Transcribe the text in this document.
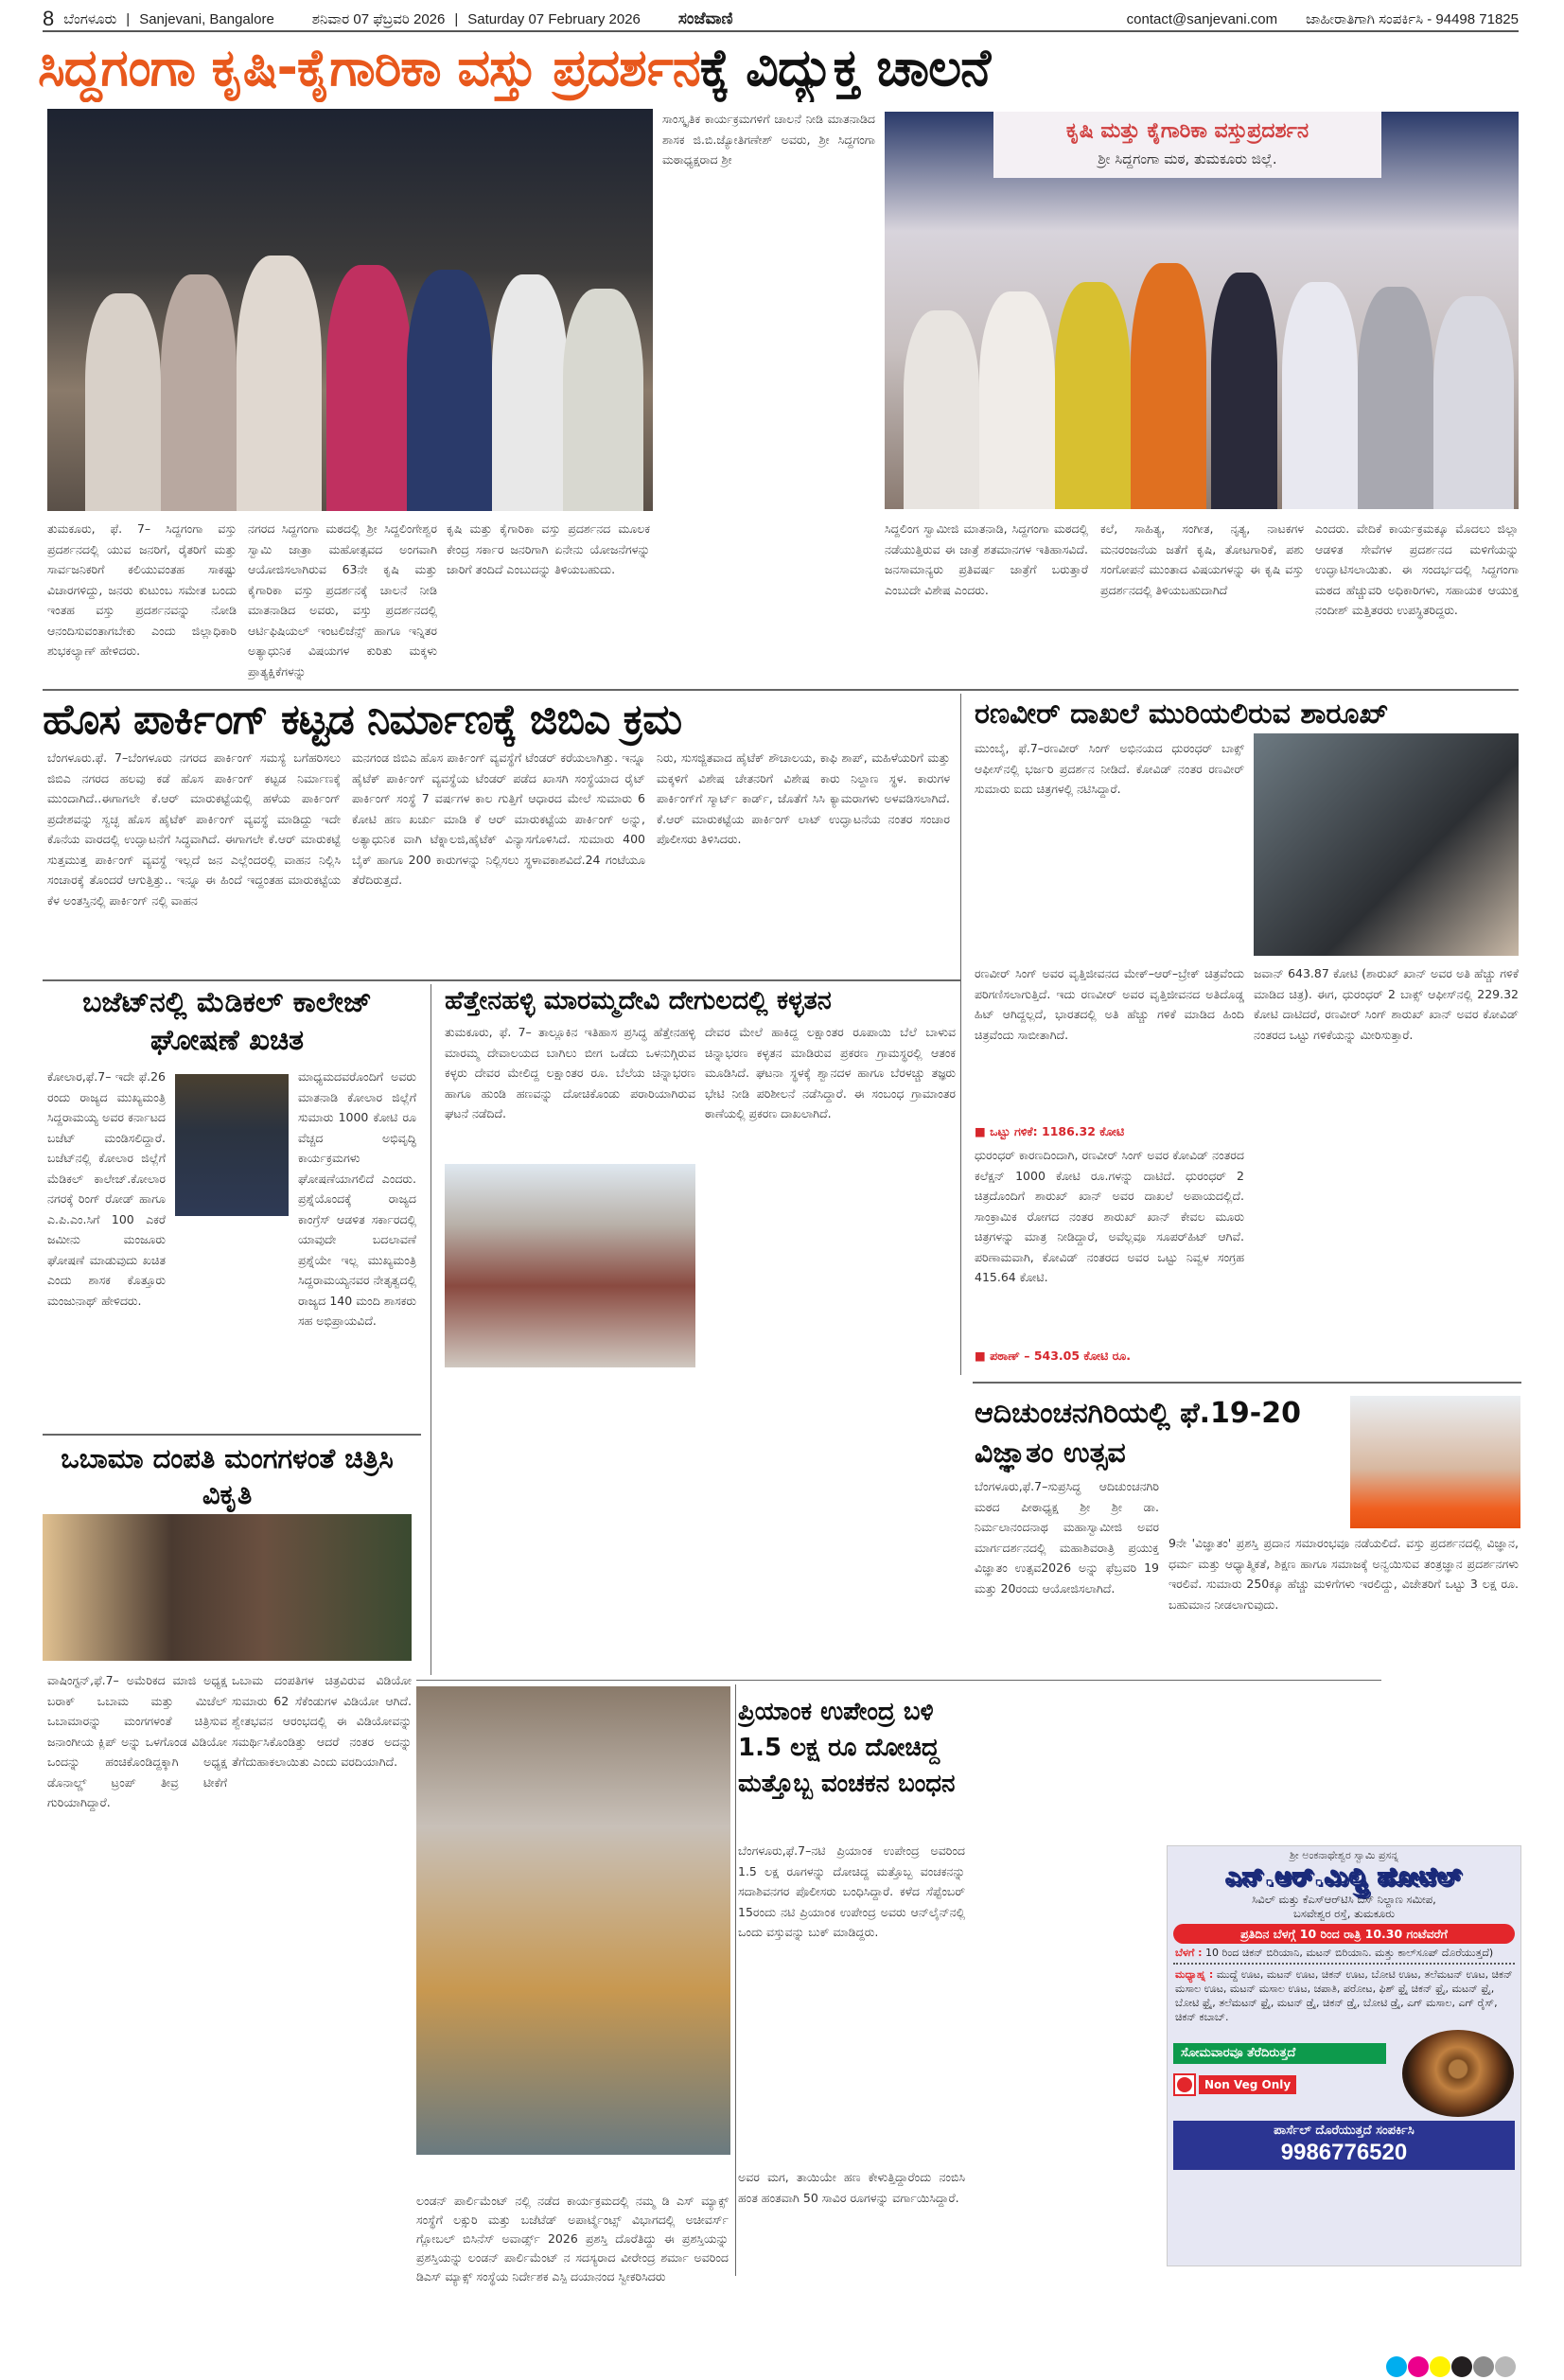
8 ಬೆಂಗಳೂರು | Sanjevani, Bangalore	ಶನಿವಾರ 07 ಫೆಬ್ರವರಿ 2026 | Saturday 07 February 2026 ಸಂಜೆವಾಣಿ	contact@sanjevani.com ಜಾಹೀರಾತಿಗಾಗಿ ಸಂಪರ್ಕಿಸಿ - 94498 71825
ಸಿದ್ದಗಂಗಾ ಕೃಷಿ-ಕೈಗಾರಿಕಾ ವಸ್ತು ಪ್ರದರ್ಶನಕ್ಕೆ ವಿದ್ಯುಕ್ತ ಚಾಲನೆ
ಕೃಷಿ ಮತ್ತು ಕೈಗಾರಿಕಾ ವಸ್ತುಪ್ರದರ್ಶನ
ಶ್ರೀ ಸಿದ್ದಗಂಗಾ ಮಠ, ತುಮಕೂರು ಜಿಲ್ಲೆ.
ತುಮಕೂರು, ಫೆ. 7– ಸಿದ್ದಗಂಗಾ ವಸ್ತು ಪ್ರದರ್ಶನದಲ್ಲಿ ಯುವ ಜನರಿಗೆ, ರೈತರಿಗೆ ಮತ್ತು ಸಾರ್ವಜನಿಕರಿಗೆ ಕಲಿಯುವಂತಹ ಸಾಕಷ್ಟು ವಿಚಾರಗಳಿದ್ದು, ಜನರು ಕುಟುಂಬ ಸಮೇತ ಬಂದು ಇಂತಹ ವಸ್ತು ಪ್ರದರ್ಶನವನ್ನು ನೋಡಿ ಆನಂದಿಸುವಂತಾಗಬೇಕು ಎಂದು ಜಿಲ್ಲಾಧಿಕಾರಿ ಶುಭಕಲ್ಯಾಣ್ ಹೇಳಿದರು.
ನಗರದ ಸಿದ್ದಗಂಗಾ ಮಠದಲ್ಲಿ ಶ್ರೀ ಸಿದ್ದಲಿಂಗೇಶ್ವರ ಸ್ವಾಮಿ ಜಾತ್ರಾ ಮಹೋತ್ಸವದ ಅಂಗವಾಗಿ ಆಯೋಜಿಸಲಾಗಿರುವ 63ನೇ ಕೃಷಿ ಮತ್ತು ಕೈಗಾರಿಕಾ ವಸ್ತು ಪ್ರದರ್ಶನಕ್ಕೆ ಚಾಲನೆ ನೀಡಿ ಮಾತನಾಡಿದ ಅವರು, ವಸ್ತು ಪ್ರದರ್ಶನದಲ್ಲಿ ಆರ್ಟಿಫಿಷಿಯಲ್ ಇಂಟಲಿಜೆನ್ಸ್ ಹಾಗೂ ಇನ್ನಿತರ ಅತ್ಯಾಧುನಿಕ ವಿಷಯಗಳ ಕುರಿತು ಮಕ್ಕಳು ಪ್ರಾತ್ಯಕ್ಷಿಕೆಗಳನ್ನು
ಕೃಷಿ ಮತ್ತು ಕೈಗಾರಿಕಾ ವಸ್ತು ಪ್ರದರ್ಶನದ ಮೂಲಕ ಕೇಂದ್ರ ಸರ್ಕಾರ ಜನರಿಗಾಗಿ ಏನೇನು ಯೋಜನೆಗಳನ್ನು ಜಾರಿಗೆ ತಂದಿದೆ ಎಂಬುದನ್ನು ತಿಳಿಯಬಹುದು.
ಸಾಂಸ್ಕೃತಿಕ ಕಾರ್ಯಕ್ರಮಗಳಿಗೆ ಚಾಲನೆ ನೀಡಿ ಮಾತನಾಡಿದ ಶಾಸಕ ಜಿ.ಬಿ.ಜ್ಯೋತಿಗಣೇಶ್ ಅವರು, ಶ್ರೀ ಸಿದ್ದಗಂಗಾ ಮಠಾಧ್ಯಕ್ಷರಾದ ಶ್ರೀ
ಸಿದ್ದಲಿಂಗ ಸ್ವಾಮೀಜಿ ಮಾತನಾಡಿ, ಸಿದ್ದಗಂಗಾ ಮಠದಲ್ಲಿ ನಡೆಯುತ್ತಿರುವ ಈ ಜಾತ್ರೆ ಶತಮಾನಗಳ ಇತಿಹಾಸವಿದೆ. ಜನಸಾಮಾನ್ಯರು ಪ್ರತಿವರ್ಷ ಜಾತ್ರೆಗೆ ಬರುತ್ತಾರೆ ಎಂಬುದೇ ವಿಶೇಷ ಎಂದರು.
ಕಲೆ, ಸಾಹಿತ್ಯ, ಸಂಗೀತ, ನೃತ್ಯ, ನಾಟಕಗಳ ಮನರಂಜನೆಯ ಜತೆಗೆ ಕೃಷಿ, ತೋಟಗಾರಿಕೆ, ಪಶು ಸಂಗೋಪನೆ ಮುಂತಾದ ವಿಷಯಗಳನ್ನು ಈ ಕೃಷಿ ವಸ್ತು ಪ್ರದರ್ಶನದಲ್ಲಿ ತಿಳಿಯಬಹುದಾಗಿದೆ
ಎಂದರು. ವೇದಿಕೆ ಕಾರ್ಯಕ್ರಮಕ್ಕೂ ಮೊದಲು ಜಿಲ್ಲಾ ಆಡಳಿತ ಸೇವೆಗಳ ಪ್ರದರ್ಶನದ ಮಳಿಗೆಯನ್ನು ಉದ್ಘಾಟಿಸಲಾಯಿತು. ಈ ಸಂದರ್ಭದಲ್ಲಿ ಸಿದ್ದಗಂಗಾ ಮಠದ ಹೆಚ್ಚುವರಿ ಅಧಿಕಾರಿಗಳು, ಸಹಾಯಕ ಆಯುಕ್ತ ನಂದೀಶ್ ಮತ್ತಿತರರು ಉಪಸ್ಥಿತರಿದ್ದರು.
ಹೊಸ ಪಾರ್ಕಿಂಗ್ ಕಟ್ಟಡ ನಿರ್ಮಾಣಕ್ಕೆ ಜಿಬಿಎ ಕ್ರಮ
ಬೆಂಗಳೂರು.ಫೆ. 7–ಬೆಂಗಳೂರು ನಗರದ ಪಾರ್ಕಿಂಗ್ ಸಮಸ್ಯೆ ಬಗೆಹರಿಸಲು ಜಿಬಿಎ ನಗರದ ಹಲವು ಕಡೆ ಹೊಸ ಪಾರ್ಕಿಂಗ್ ಕಟ್ಟಡ ನಿರ್ಮಾಣಕ್ಕೆ ಮುಂದಾಗಿದೆ..ಈಗಾಗಲೇ ಕೆ.ಆರ್ ಮಾರುಕಟ್ಟೆಯಲ್ಲಿ ಹಳೆಯ ಪಾರ್ಕಿಂಗ್ ಪ್ರದೇಶವನ್ನು ಸ್ವಚ್ಛ ಹೊಸ ಹೈಟೆಕ್ ಪಾರ್ಕಿಂಗ್ ವ್ಯವಸ್ಥೆ ಮಾಡಿದ್ದು ಇದೇ ಕೊನೆಯ ವಾರದಲ್ಲಿ ಉದ್ಘಾಟನೆಗೆ ಸಿದ್ಧವಾಗಿದೆ. ಈಗಾಗಲೇ ಕೆ.ಆರ್ ಮಾರುಕಟ್ಟೆ ಸುತ್ತಮುತ್ತ ಪಾರ್ಕಿಂಗ್ ವ್ಯವಸ್ಥೆ ಇಲ್ಲದೆ ಜನ ಎಲ್ಲೆಂದರಲ್ಲಿ ವಾಹನ ನಿಲ್ಲಿಸಿ ಸಂಚಾರಕ್ಕೆ ತೊಂದರೆ ಆಗುತ್ತಿತ್ತು.. ಇನ್ನೂ ಈ ಹಿಂದೆ ಇದ್ದಂತಹ ಮಾರುಕಟ್ಟೆಯ ಕೆಳ ಅಂತಸ್ತಿನಲ್ಲಿ ಪಾರ್ಕಿಂಗ್ ನಲ್ಲಿ ವಾಹನ
ಮನಗಂಡ ಜಿಬಿಎ ಹೊಸ ಪಾರ್ಕಿಂಗ್ ವ್ಯವಸ್ಥೆಗೆ ಟೆಂಡರ್ ಕರೆಯಲಾಗಿತ್ತು. ಇನ್ನೂ ಹೈಟೆಕ್ ಪಾರ್ಕಿಂಗ್ ವ್ಯವಸ್ಥೆಯ ಟೆಂಡರ್ ಪಡೆದ ಖಾಸಗಿ ಸಂಸ್ಥೆಯಾದ ರೈಟ್ ಪಾರ್ಕಿಂಗ್ ಸಂಸ್ಥೆ 7 ವರ್ಷಗಳ ಕಾಲ ಗುತ್ತಿಗೆ ಆಧಾರದ ಮೇಲೆ ಸುಮಾರು 6 ಕೋಟಿ ಹಣ ಖರ್ಚು ಮಾಡಿ ಕೆ ಆರ್ ಮಾರುಕಟ್ಟೆಯ ಪಾರ್ಕಿಂಗ್ ಅನ್ನು, ಅತ್ಯಾಧುನಿಕ ವಾಗಿ ಟೆಕ್ನಾಲಜಿ,ಹೈಟೆಕ್ ವಿನ್ಯಾಸಗೊಳಿಸಿದೆ. ಸುಮಾರು 400 ಬೈಕ್ ಹಾಗೂ 200 ಕಾರುಗಳನ್ನು ನಿಲ್ಲಿಸಲು ಸ್ಥಳಾವಕಾಶವಿದೆ.24 ಗಂಟೆಯೂ ತೆರೆದಿರುತ್ತದೆ.
ನಿರು, ಸುಸಜ್ಜಿತವಾದ ಹೈಟೆಕ್ ಶೌಚಾಲಯ, ಕಾಫಿ ಶಾಪ್, ಮಹಿಳೆಯರಿಗೆ ಮತ್ತು ಮಕ್ಕಳಿಗೆ ವಿಶೇಷ ಚೇತನರಿಗೆ ವಿಶೇಷ ಕಾರು ನಿಲ್ದಾಣ ಸ್ಥಳ. ಕಾರುಗಳ ಪಾರ್ಕಿಂಗ್‌ಗೆ ಸ್ಮಾರ್ಟ್ ಕಾರ್ಡ್, ಜೊತೆಗೆ ಸಿಸಿ ಕ್ಯಾಮರಾಗಳು ಅಳವಡಿಸಲಾಗಿದೆ. ಕೆ.ಆರ್ ಮಾರುಕಟ್ಟೆಯ ಪಾರ್ಕಿಂಗ್ ಲಾಟ್ ಉದ್ಘಾಟನೆಯ ನಂತರ ಸಂಚಾರ ಪೊಲೀಸರು ತಿಳಿಸಿದರು.
ರಣವೀರ್ ದಾಖಲೆ ಮುರಿಯಲಿರುವ ಶಾರೂಖ್
ಮುಂಬೈ, ಫೆ.7–ರಣವೀರ್ ಸಿಂಗ್ ಅಭಿನಯದ ಧುರಂಧರ್ ಬಾಕ್ಸ್ ಆಫೀಸ್‌ನಲ್ಲಿ ಭರ್ಜರಿ ಪ್ರದರ್ಶನ ನೀಡಿದೆ. ಕೋವಿಡ್ ನಂತರ ರಣವೀರ್ ಸುಮಾರು ಐದು ಚಿತ್ರಗಳಲ್ಲಿ ನಟಿಸಿದ್ದಾರೆ.
ರಣವೀರ್ ಸಿಂಗ್ ಅವರ ವೃತ್ತಿಜೀವನದ ಮೇಕ್–ಆರ್–ಬ್ರೇಕ್ ಚಿತ್ರವೆಂದು ಪರಿಗಣಿಸಲಾಗುತ್ತಿದೆ. ಇದು ರಣವೀರ್ ಅವರ ವೃತ್ತಿಜೀವನದ ಅತಿದೊಡ್ಡ ಹಿಟ್ ಆಗಿದ್ದಲ್ಲದೆ, ಭಾರತದಲ್ಲಿ ಅತಿ ಹೆಚ್ಚು ಗಳಿಕೆ ಮಾಡಿದ ಹಿಂದಿ ಚಿತ್ರವೆಂದು ಸಾಬೀತಾಗಿದೆ.
■ ಒಟ್ಟು ಗಳಿಕೆ: 1186.32 ಕೋಟಿ
ಧುರಂಧರ್ ಕಾರಣದಿಂದಾಗಿ, ರಣವೀರ್ ಸಿಂಗ್ ಅವರ ಕೋವಿಡ್ ನಂತರದ ಕಲೆಕ್ಷನ್ 1000 ಕೋಟಿ ರೂ.ಗಳನ್ನು ದಾಟಿದೆ. ಧುರಂಧರ್ 2 ಚಿತ್ರದೊಂದಿಗೆ ಶಾರುಖ್ ಖಾನ್ ಅವರ ದಾಖಲೆ ಅಪಾಯದಲ್ಲಿದೆ. ಸಾಂಕ್ರಾಮಿಕ ರೋಗದ ನಂತರ ಶಾರುಖ್ ಖಾನ್ ಕೇವಲ ಮೂರು ಚಿತ್ರಗಳನ್ನು ಮಾತ್ರ ನೀಡಿದ್ದಾರೆ, ಅವೆಲ್ಲವೂ ಸೂಪರ್‌ಹಿಟ್ ಆಗಿವೆ. ಪರಿಣಾಮವಾಗಿ, ಕೋವಿಡ್ ನಂತರದ ಅವರ ಒಟ್ಟು ನಿವ್ವಳ ಸಂಗ್ರಹ 415.64 ಕೋಟಿ.
■ ಪಠಾಣ್ – 543.05 ಕೋಟಿ ರೂ.
ಜವಾನ್ 643.87 ಕೋಟಿ (ಶಾರುಖ್ ಖಾನ್ ಅವರ ಅತಿ ಹೆಚ್ಚು ಗಳಿಕೆ ಮಾಡಿದ ಚಿತ್ರ). ಈಗ, ಧುರಂಧರ್ 2 ಬಾಕ್ಸ್ ಆಫೀಸ್‌ನಲ್ಲಿ 229.32 ಕೋಟಿ ದಾಟಿದರೆ, ರಣವೀರ್ ಸಿಂಗ್ ಶಾರುಖ್ ಖಾನ್ ಅವರ ಕೋವಿಡ್ ನಂತರದ ಒಟ್ಟು ಗಳಿಕೆಯನ್ನು ಮೀರಿಸುತ್ತಾರೆ.
ಬಜೆಟ್‌ನಲ್ಲಿ ಮೆಡಿಕಲ್ ಕಾಲೇಜ್ ಘೋಷಣೆ ಖಚಿತ
ಕೋಲಾರ,ಫೆ.7– ಇದೇ ಫೆ.26 ರಂದು ರಾಜ್ಯದ ಮುಖ್ಯಮಂತ್ರಿ ಸಿದ್ದರಾಮಯ್ಯ ಅವರ ಕರ್ನಾಟದ ಬಜೆಟ್ ಮಂಡಿಸಲಿದ್ದಾರೆ. ಬಜೆಟ್‌ನಲ್ಲಿ ಕೋಲಾರ ಜಿಲ್ಲೆಗೆ ಮೆಡಿಕಲ್ ಕಾಲೇಜ್.ಕೋಲಾರ ನಗರಕ್ಕೆ ರಿಂಗ್ ರೋಡ್ ಹಾಗೂ ಎ.ಪಿ.ಎಂ.ಸಿಗೆ 100 ಎಕರೆ ಜಮೀನು ಮಂಜೂರು ಘೋಷಣೆ ಮಾಡುವುದು ಖಚಿತ ಎಂದು ಶಾಸಕ ಕೊತ್ತೂರು ಮಂಜುನಾಥ್ ಹೇಳಿದರು.
ಮಾಧ್ಯಮದವರೊಂದಿಗೆ ಅವರು ಮಾತನಾಡಿ ಕೋಲಾರ ಜಿಲ್ಲೆಗೆ ಸುಮಾರು 1000 ಕೋಟಿ ರೂ ವೆಚ್ಚದ ಅಭಿವೃದ್ಧಿ ಕಾರ್ಯಕ್ರಮಗಳು ಘೋಷಣೆಯಾಗಲಿದೆ ಎಂದರು. ಪ್ರಶ್ನೆಯೊಂದಕ್ಕೆ ರಾಜ್ಯದ ಕಾಂಗ್ರೆಸ್ ಆಡಳಿತ ಸರ್ಕಾರದಲ್ಲಿ ಯಾವುದೇ ಬದಲಾವಣೆ ಪ್ರಶ್ನೆಯೇ ಇಲ್ಲ ಮುಖ್ಯಮಂತ್ರಿ ಸಿದ್ದರಾಮಯ್ಯನವರ ನೇತೃತ್ವದಲ್ಲಿ ರಾಜ್ಯದ 140 ಮಂದಿ ಶಾಸಕರು ಸಹ ಅಭಿಪ್ರಾಯವಿದೆ.
ಹೆತ್ತೇನಹಳ್ಳಿ ಮಾರಮ್ಮದೇವಿ ದೇಗುಲದಲ್ಲಿ ಕಳ್ಳತನ
ತುಮಕೂರು, ಫೆ. 7– ತಾಲ್ಲೂಕಿನ ಇತಿಹಾಸ ಪ್ರಸಿದ್ಧ ಹೆತ್ತೇನಹಳ್ಳಿ ಮಾರಮ್ಮ ದೇವಾಲಯದ ಬಾಗಿಲು ಬೀಗ ಒಡೆದು ಒಳನುಗ್ಗಿರುವ ಕಳ್ಳರು ದೇವರ ಮೇಲಿದ್ದ ಲಕ್ಷಾಂತರ ರೂ. ಬೆಲೆಯ ಚಿನ್ನಾಭರಣ ಹಾಗೂ ಹುಂಡಿ ಹಣವನ್ನು ದೋಚಿಕೊಂಡು ಪರಾರಿಯಾಗಿರುವ ಘಟನೆ ನಡೆದಿದೆ.
ದೇವರ ಮೇಲೆ ಹಾಕಿದ್ದ ಲಕ್ಷಾಂತರ ರೂಪಾಯಿ ಬೆಲೆ ಬಾಳುವ ಚಿನ್ನಾಭರಣ ಕಳ್ಳತನ ಮಾಡಿರುವ ಪ್ರಕರಣ ಗ್ರಾಮಸ್ಥರಲ್ಲಿ ಆತಂಕ ಮೂಡಿಸಿದೆ. ಘಟನಾ ಸ್ಥಳಕ್ಕೆ ಶ್ವಾನದಳ ಹಾಗೂ ಬೆರಳಚ್ಚು ತಜ್ಞರು ಭೇಟಿ ನೀಡಿ ಪರಿಶೀಲನೆ ನಡೆಸಿದ್ದಾರೆ. ಈ ಸಂಬಂಧ ಗ್ರಾಮಾಂತರ ಠಾಣೆಯಲ್ಲಿ ಪ್ರಕರಣ ದಾಖಲಾಗಿದೆ.
ಒಬಾಮಾ ದಂಪತಿ ಮಂಗಗಳಂತೆ ಚಿತ್ರಿಸಿ ವಿಕೃತಿ
ವಾಷಿಂಗ್ಟನ್,ಫೆ.7– ಅಮೆರಿಕದ ಮಾಜಿ ಅಧ್ಯಕ್ಷ ಬರಾಕ್ ಒಬಾಮ ಮತ್ತು ಮಿಚೆಲ್ ಒಬಾಮಾರನ್ನು ಮಂಗಗಳಂತೆ ಚಿತ್ರಿಸುವ ಜನಾಂಗೀಯ ಕ್ಲಿಪ್ ಅನ್ನು ಒಳಗೊಂಡ ವಿಡಿಯೋ ಒಂದನ್ನು ಹಂಚಿಕೊಂಡಿದ್ದಕ್ಕಾಗಿ ಅಧ್ಯಕ್ಷ ಡೊನಾಲ್ಡ್ ಟ್ರಂಪ್ ತೀವ್ರ ಟೀಕೆಗೆ ಗುರಿಯಾಗಿದ್ದಾರೆ.
ಒಬಾಮ ದಂಪತಿಗಳ ಚಿತ್ರವಿರುವ ವಿಡಿಯೋ ಸುಮಾರು 62 ಸೆಕೆಂಡುಗಳ ವಿಡಿಯೋ ಆಗಿದೆ. ಶ್ವೇತಭವನ ಆರಂಭದಲ್ಲಿ ಈ ವಿಡಿಯೋವನ್ನು ಸಮರ್ಥಿಸಿಕೊಂಡಿತ್ತು ಆದರೆ ನಂತರ ಅದನ್ನು ತೆಗೆದುಹಾಕಲಾಯಿತು ಎಂದು ವರದಿಯಾಗಿದೆ.
ಲಂಡನ್ ಪಾರ್ಲಿಮೆಂಟ್ ನಲ್ಲಿ ನಡೆದ ಕಾರ್ಯಕ್ರಮದಲ್ಲಿ ನಮ್ಮ ಡಿ ಎಸ್ ಮ್ಯಾಕ್ಸ್ ಸಂಸ್ಥೆಗೆ ಲಕ್ಸುರಿ ಮತ್ತು ಬಜೆಟೆಡ್ ಅಪಾರ್ಟ್ಮೆಂಟ್ಸ್ ವಿಭಾಗದಲ್ಲಿ ಅಚೀವರ್ಸ್ ಗ್ಲೋಬಲ್ ಬಿಸಿನೆಸ್ ಅವಾರ್ಡ್ಸ್ 2026 ಪ್ರಶಸ್ತಿ ದೊರೆತಿದ್ದು ಈ ಪ್ರಶಸ್ತಿಯನ್ನು ಪ್ರಶಸ್ತಿಯನ್ನು ಲಂಡನ್ ಪಾರ್ಲಿಮೆಂಟ್ ನ ಸದಸ್ಯರಾದ ವೀರೇಂದ್ರ ಶರ್ಮಾ ಅವರಿಂದ ಡಿಎಸ್ ಮ್ಯಾಕ್ಸ್ ಸಂಸ್ಥೆಯ ನಿರ್ದೇಶಕ ಎಸ್ಪಿ ದಯಾನಂದ ಸ್ವೀಕರಿಸಿದರು
ಪ್ರಿಯಾಂಕ ಉಪೇಂದ್ರ ಬಳಿ 1.5 ಲಕ್ಷ ರೂ ದೋಚಿದ್ದ ಮತ್ತೊಬ್ಬ ವಂಚಕನ ಬಂಧನ
ಬೆಂಗಳೂರು,ಫೆ.7–ನಟಿ ಪ್ರಿಯಾಂಕ ಉಪೇಂದ್ರ ಅವರಿಂದ 1.5 ಲಕ್ಷ ರೂಗಳನ್ನು ದೋಚಿದ್ದ ಮತ್ತೊಬ್ಬ ವಂಚಕನನ್ನು ಸದಾಶಿವನಗರ ಪೊಲೀಸರು ಬಂಧಿಸಿದ್ದಾರೆ. ಕಳೆದ ಸೆಪ್ಟೆಂಬರ್ 15ರಂದು ನಟಿ ಪ್ರಿಯಾಂಕ ಉಪೇಂದ್ರ ಅವರು ಆನ್‌ಲೈನ್‌ನಲ್ಲಿ ಒಂದು ವಸ್ತುವನ್ನು ಬುಕ್ ಮಾಡಿದ್ದರು.
ಅವರ ಮಗ, ತಾಯಿಯೇ ಹಣ ಕೇಳುತ್ತಿದ್ದಾರೆಂದು ನಂಬಿಸಿ ಹಂತ ಹಂತವಾಗಿ 50 ಸಾವಿರ ರೂಗಳನ್ನು ವರ್ಗಾಯಿಸಿದ್ದಾರೆ.
ಆದಿಚುಂಚನಗಿರಿಯಲ್ಲಿ ಫೆ.19-20 ವಿಜ್ಞಾತಂ ಉತ್ಸವ
ಬೆಂಗಳೂರು,ಫೆ.7–ಸುಪ್ರಸಿದ್ಧ ಆದಿಚುಂಚನಗಿರಿ ಮಠದ ಪೀಠಾಧ್ಯಕ್ಷ ಶ್ರೀ ಶ್ರೀ ಡಾ. ನಿರ್ಮಲಾನಂದನಾಥ ಮಹಾಸ್ವಾಮೀಜಿ ಅವರ ಮಾರ್ಗದರ್ಶನದಲ್ಲಿ ಮಹಾಶಿವರಾತ್ರಿ ಪ್ರಯುಕ್ತ ವಿಜ್ಞಾತಂ ಉತ್ಸವ2026 ಅನ್ನು ಫೆಬ್ರವರಿ 19 ಮತ್ತು 20ರಂದು ಆಯೋಜಿಸಲಾಗಿದೆ.
9ನೇ 'ವಿಜ್ಞಾತಂ' ಪ್ರಶಸ್ತಿ ಪ್ರದಾನ ಸಮಾರಂಭವೂ ನಡೆಯಲಿದೆ. ವಸ್ತು ಪ್ರದರ್ಶನದಲ್ಲಿ ವಿಜ್ಞಾನ, ಧರ್ಮ ಮತ್ತು ಆಧ್ಯಾತ್ಮಿಕತೆ, ಶಿಕ್ಷಣ ಹಾಗೂ ಸಮಾಜಕ್ಕೆ ಅನ್ವಯಿಸುವ ತಂತ್ರಜ್ಞಾನ ಪ್ರದರ್ಶನಗಳು ಇರಲಿವೆ. ಸುಮಾರು 250ಕ್ಕೂ ಹೆಚ್ಚು ಮಳಿಗೆಗಳು ಇರಲಿದ್ದು, ವಿಜೇತರಿಗೆ ಒಟ್ಟು 3 ಲಕ್ಷ ರೂ. ಬಹುಮಾನ ನೀಡಲಾಗುವುದು.
ಶ್ರೀ ಅಂಕನಾಥೇಶ್ವರ ಸ್ವಾಮಿ ಪ್ರಸನ್ನ
ಎನ್.ಆರ್.ಮಿಲ್ಟ್ರಿ ಹೋಟೆಲ್
ಸಿವಿಲ್ ಮತ್ತು ಕೆಎಸ್ಆರ್‌ಟಿಸಿ ಬಸ್ ನಿಲ್ದಾಣ ಸಮೀಪ,
ಬಸವೇಶ್ವರ ರಸ್ತೆ, ತುಮಕೂರು
ಪ್ರತಿದಿನ ಬೆಳಗ್ಗೆ 10 ರಿಂದ ರಾತ್ರಿ 10.30 ಗಂಟೆವರೆಗೆ
ಬೆಳಗೆ : 10 ರಿಂದ ಚಿಕನ್ ಬಿರಿಯಾನಿ, ಮಟನ್ ಬಿರಿಯಾನಿ. ಮತ್ತು ಕಾಲ್‌ಸೂಪ್ ದೊರೆಯುತ್ತದೆ)
ಮಧ್ಯಾಹ್ನ : ಮುದ್ದೆ ಊಟ, ಮಟನ್ ಊಟ, ಚಿಕನ್ ಊಟ, ಬೋಟಿ ಊಟ, ತಲೆಮಟನ್ ಊಟ, ಚಿಕನ್ ಮಸಾಲ ಊಟ, ಮಟನ್ ಮಸಾಲ ಊಟ, ಚಪಾತಿ, ಪರೋಟ, ಫಿಶ್ ಫ್ರೈ ಚಿಕನ್ ಫ್ರೈ, ಮಟನ್ ಫ್ರೈ, ಬೋಟಿ ಫ್ರೈ, ತಲೆಮಟನ್ ಫ್ರೈ, ಮಟನ್ ಡ್ರೈ, ಚಿಕನ್ ಡ್ರೈ, ಬೋಟಿ ಡ್ರೈ, ಎಗ್ ಮಸಾಲ, ಎಗ್ ರೈಸ್, ಚಿಕನ್ ಕಬಾಬ್.
ಸೋಮವಾರವೂ ತೆರೆದಿರುತ್ತದೆ
Non Veg Only
ಪಾರ್ಸೆಲ್ ದೊರೆಯುತ್ತದೆ ಸಂಪರ್ಕಿಸಿ
9986776520
